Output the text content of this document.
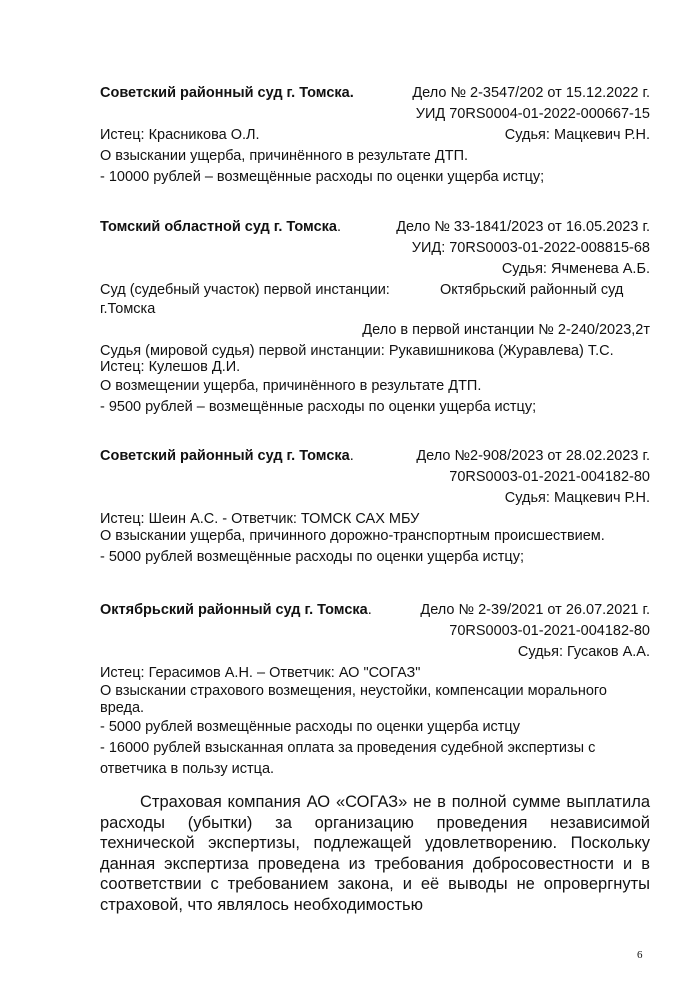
Советский районный суд г. Томска.	Дело № 2-3547/202 от 15.12.2022 г.
УИД 70RS0004-01-2022-000667-15
Истец: Красникова О.Л.	Судья: Мацкевич Р.Н.
О взыскании ущерба, причинённого в результате ДТП.
- 10000 рублей – возмещённые расходы по оценки ущерба истцу;
Томский областной суд г. Томска.	Дело № 33-1841/2023 от 16.05.2023 г.
УИД: 70RS0003-01-2022-008815-68
Судья: Ячменева А.Б.
Суд (судебный участок) первой инстанции:	Октябрьский районный суд
г.Томска
Дело в первой инстанции № 2-240/2023,2т
Судья (мировой судья) первой инстанции: Рукавишникова (Журавлева) Т.С.
Истец: Кулешов Д.И.
О возмещении ущерба, причинённого в результате ДТП.
- 9500 рублей – возмещённые расходы по оценки ущерба истцу;
Советский районный суд г. Томска.	Дело №2-908/2023 от 28.02.2023 г.
70RS0003-01-2021-004182-80
Судья: Мацкевич Р.Н.
Истец: Шеин А.С. - Ответчик: ТОМСК САХ МБУ
О взыскании ущерба, причинного дорожно-транспортным происшествием.
- 5000 рублей возмещённые расходы по оценки ущерба истцу;
Октябрьский районный суд г. Томска.	Дело № 2-39/2021 от 26.07.2021 г.
70RS0003-01-2021-004182-80
Судья: Гусаков А.А.
Истец: Герасимов А.Н. – Ответчик: АО "СОГАЗ"
О взыскании страхового возмещения, неустойки, компенсации морального
вреда.
- 5000 рублей возмещённые расходы по оценки ущерба истцу
- 16000 рублей взысканная оплата за проведения судебной экспертизы с
ответчика в пользу истца.
Страховая компания АО «СОГАЗ» не в полной сумме выплатила расходы (убытки) за организацию проведения независимой технической экспертизы, подлежащей удовлетворению. Поскольку данная экспертиза проведена из требования добросовестности и в соответствии с требованием закона, и её выводы не опровергнуты страховой, что являлось необходимостью
6
